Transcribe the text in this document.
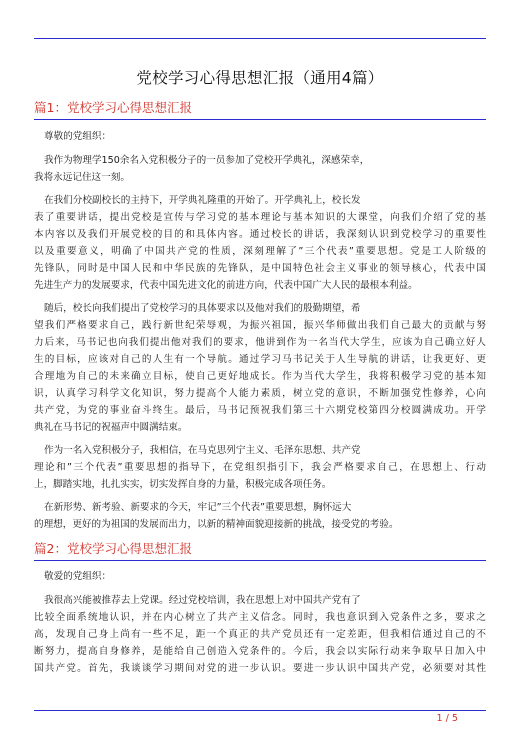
党校学习心得思想汇报（通用4篇）
篇1：党校学习心得思想汇报
尊敬的党组织：
我作为物理学150余名入党积极分子的一员参加了党校开学典礼，深感荣幸，
我将永远记住这一刻。
在我们分校副校长的主持下，开学典礼隆重的开始了。开学典礼上，校长发
表了重要讲话，提出党校是宣传与学习党的基本理论与基本知识的大课堂，向我们介绍了党的基
本内容以及我们开展党校的目的和具体内容。通过校长的讲话，我深刻认识到党校学习的重要性
以及重要意义，明确了中国共产党的性质，深刻理解了”三个代表”重要思想。党是工人阶级的
先锋队，同时是中国人民和中华民族的先锋队，是中国特色社会主义事业的领导核心，代表中国
先进生产力的发展要求，代表中国先进文化的前进方向，代表中国广大人民的最根本利益。
随后，校长向我们提出了党校学习的具体要求以及他对我们的殷勤期望，希
望我们严格要求自己，践行新世纪荣辱观，为振兴祖国，振兴华师做出我们自己最大的贡献与努
力后来，马书记也向我们提出他对我们的要求，他讲到作为一名当代大学生，应该为自己确立好人
生的目标，应该对自己的人生有一个导航。通过学习马书记关于人生导航的讲话，让我更好、更
合理地为自己的未来确立目标，使自己更好地成长。作为当代大学生，我将积极学习党的基本知
识，认真学习科学文化知识，努力提高个人能力素质，树立党的意识，不断加强党性修养，心向
共产党，为党的事业奋斗终生。最后，马书记预祝我们第三十六期党校第四分校圆满成功。开学
典礼在马书记的祝福声中圆满结束。
作为一名入党积极分子，我相信，在马克思列宁主义、毛泽东思想、共产党
理论和”三个代表”重要思想的指导下，在党组织指引下，我会严格要求自己，在思想上、行动
上，脚踏实地，扎扎实实，切实发挥自身的力量，积极完成各项任务。
在新形势、新考验、新要求的今天，牢记”三个代表”重要思想，胸怀远大
的理想，更好的为祖国的发展而出力，以新的精神面貌迎接新的挑战，接受党的考验。
篇2：党校学习心得思想汇报
敬爱的党组织：
我很高兴能被推荐去上党课。经过党校培训，我在思想上对中国共产党有了
比较全面系统地认识，并在内心树立了共产主义信念。同时，我也意识到入党条件之多，要求之
高，发现自己身上尚有一些不足，距一个真正的共产党员还有一定差距，但我相信通过自己的不
断努力，提高自身修养，是能给自己创造入党条件的。今后，我会以实际行动来争取早日加入中
国共产党。首先，我谈谈学习期间对党的进一步认识。要进一步认识中国共产党，必须要对其性
1 / 5
